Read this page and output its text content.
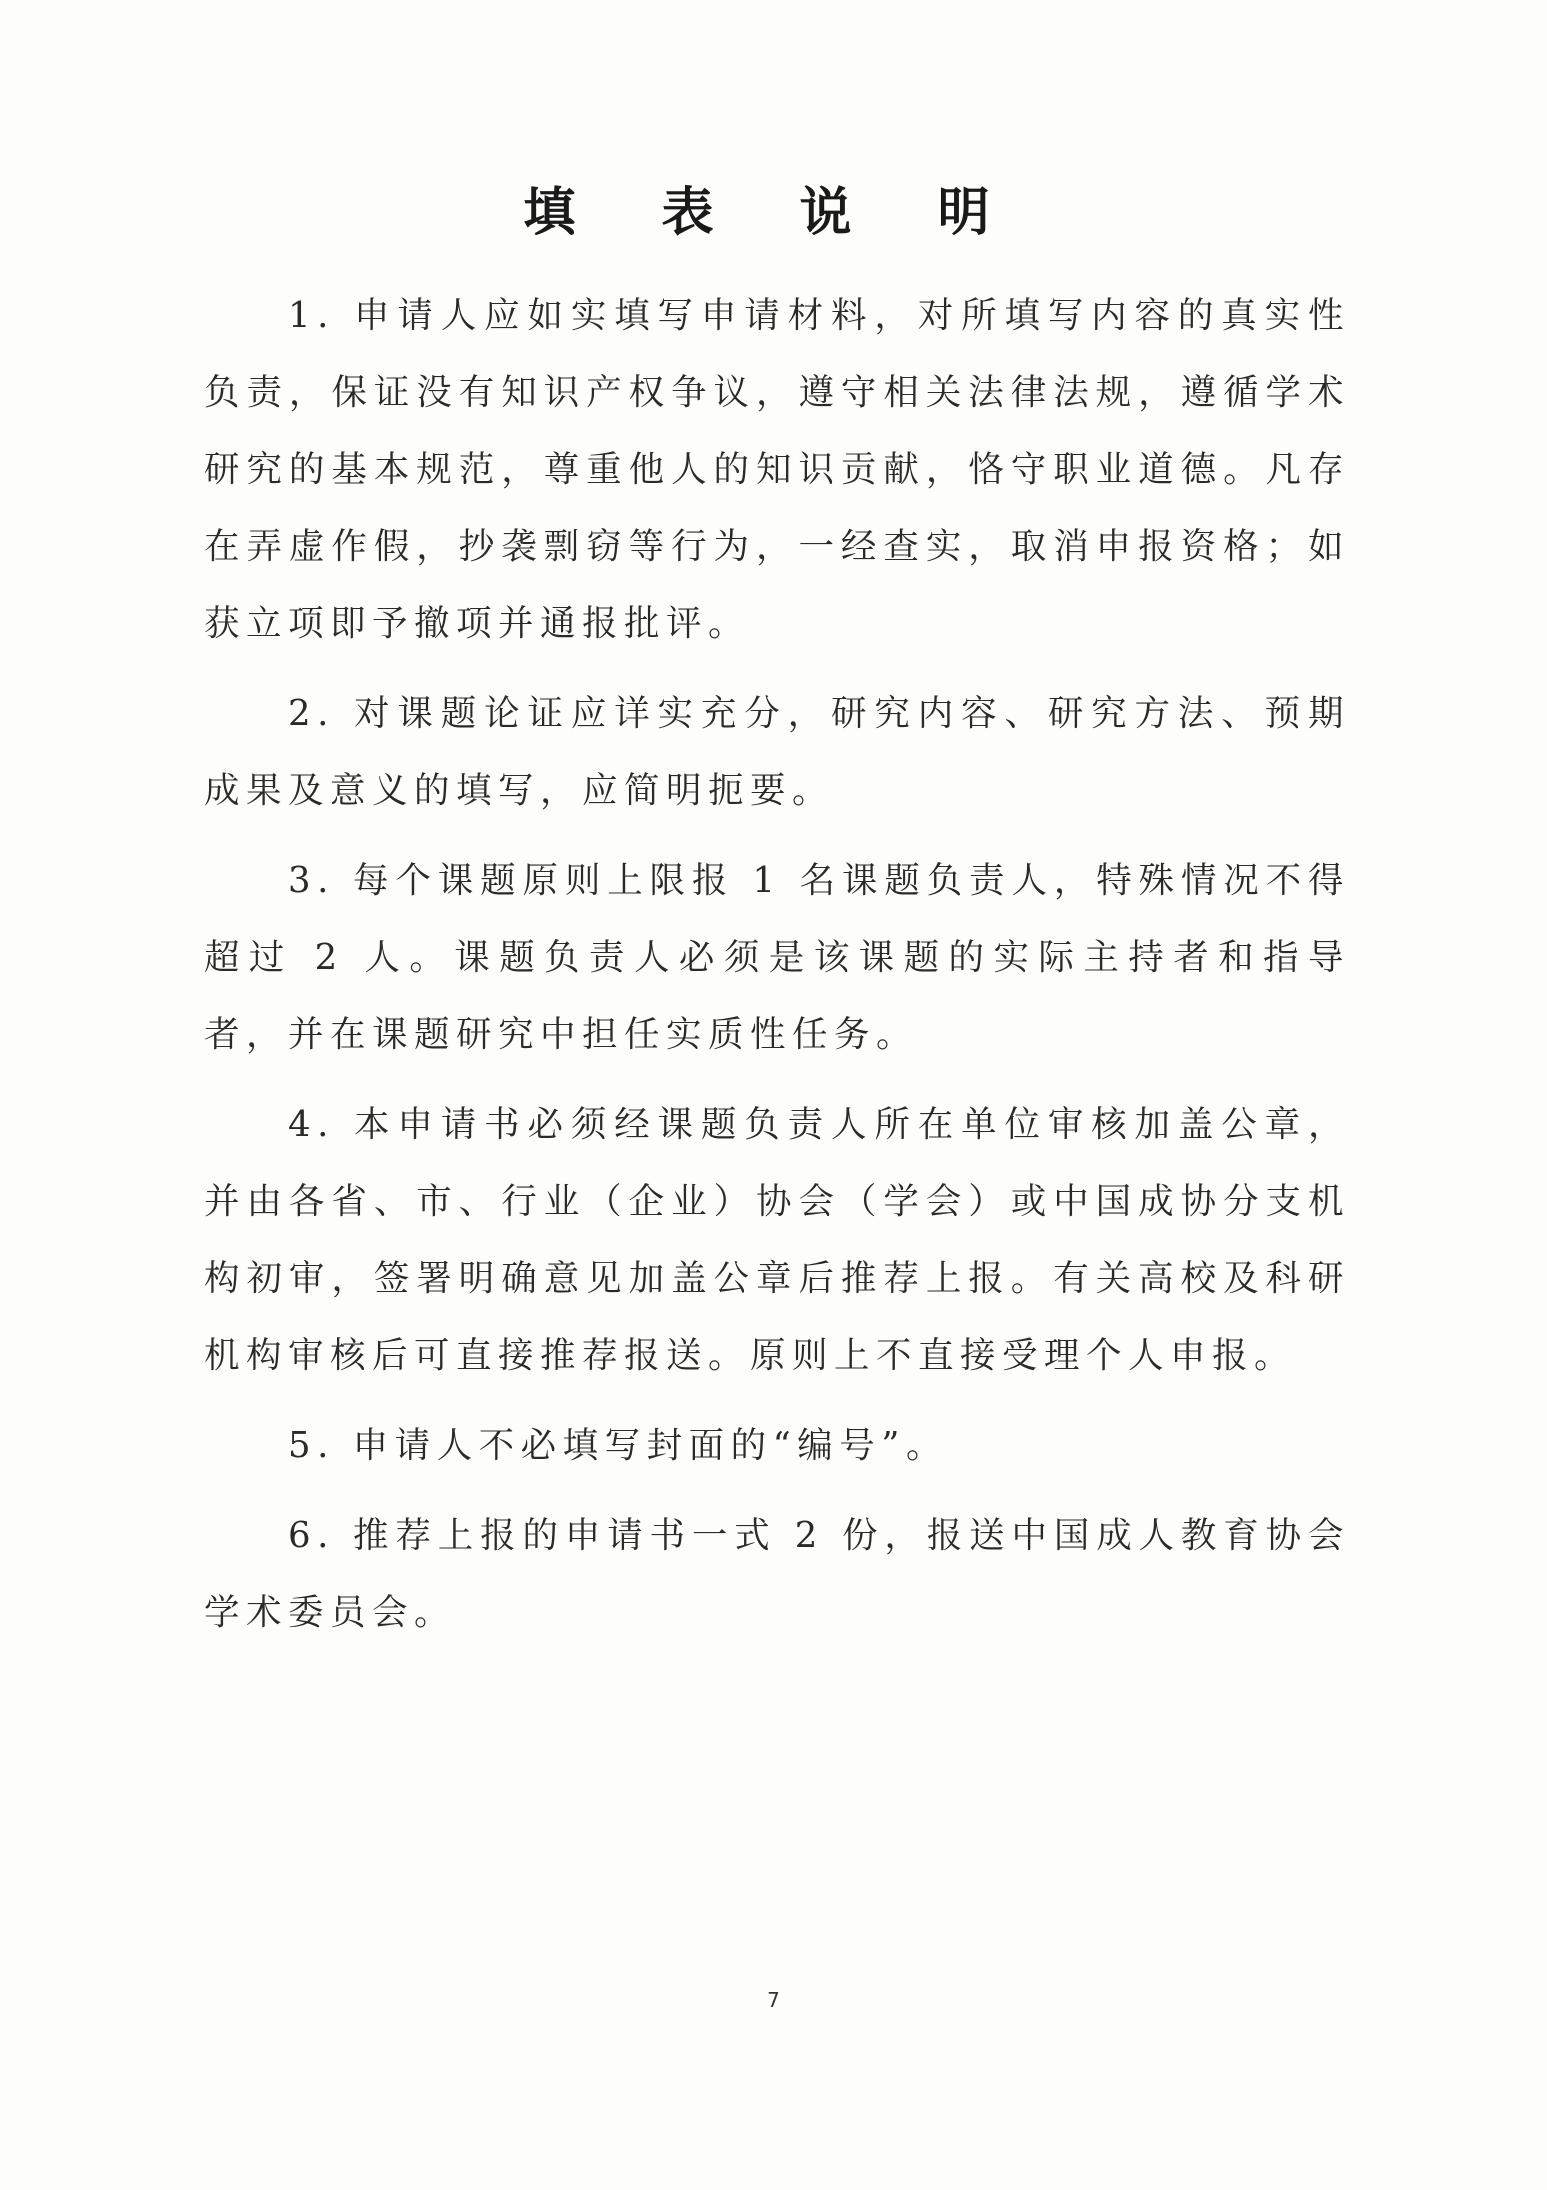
填 表 说 明

1. 申请人应如实填写申请材料，对所填写内容的真实性负责，保证没有知识产权争议，遵守相关法律法规，遵循学术研究的基本规范，尊重他人的知识贡献，恪守职业道德。凡存在弄虚作假，抄袭剽窃等行为，一经查实，取消申报资格；如获立项即予撤项并通报批评。

2. 对课题论证应详实充分，研究内容、研究方法、预期成果及意义的填写，应简明扼要。

3. 每个课题原则上限报 1 名课题负责人，特殊情况不得超过 2 人。课题负责人必须是该课题的实际主持者和指导者，并在课题研究中担任实质性任务。

4. 本申请书必须经课题负责人所在单位审核加盖公章，并由各省、市、行业（企业）协会（学会）或中国成协分支机构初审，签署明确意见加盖公章后推荐上报。有关高校及科研机构审核后可直接推荐报送。原则上不直接受理个人申报。

5. 申请人不必填写封面的“编号”。

6. 推荐上报的申请书一式 2 份，报送中国成人教育协会学术委员会。

7
